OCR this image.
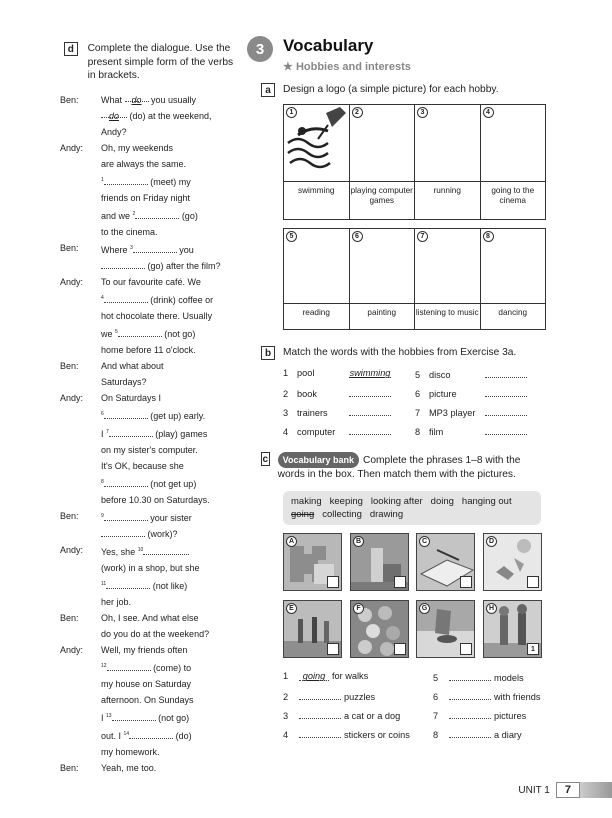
d	Complete the dialogue. Use the present simple form of the verbs in brackets.
Ben:	What do you usually
do (do) at the weekend,
Andy?
Andy:	Oh, my weekends
are always the same.
$^1$	(meet) my
friends on Friday night
and we $^2$	(go)
to the cinema.
Ben:	Where $^3$	you
(go) after the film?
Andy:	To our favourite café. We
$^4$	(drink) coffee or
hot chocolate there. Usually
we $^5$	(not go)
home before 11 o'clock.
Ben:	And what about
Saturdays?
Andy:	On Saturdays I
$^6$	(get up) early.
I $^7$	(play) games
on my sister's computer.
It's OK, because she
$^8$	(not get up)
before 10.30 on Saturdays.
Ben:	$^9$	your sister
(work)?
Andy:	Yes, she $^{10}$
(work) in a shop, but she
$^{11}$	(not like)
her job.
Ben:	Oh, I see. And what else
do you do at the weekend?
Andy:	Well, my friends often
$^{12}$	(come) to
my house on Saturday
afternoon. On Sundays
I $^{13}$	(not go)
out. I $^{14}$	(do)
my homework.
Ben:	Yeah, me too.
3	Vocabulary
★ Hobbies and interests
a	Design a logo (a simple picture) for each hobby.
1
swimming
2
playing computer games
3
running
4
going to the cinema
5
reading
6
painting
7
listening to music
8
dancing
b	Match the words with the hobbies from Exercise 3a.
1 pool	swimming
2 book
3 trainers
4 computer
5 disco
6 picture
7 MP3 player
8 film
c	Vocabulary bank Complete the phrases 1–8 with the words in the box. Then match them with the pictures.
making keeping looking after doing hanging out
going collecting drawing
A	B	C	D
E	F	G	H
1
1	going for walks
2	puzzles
3	a cat or a dog
4	stickers or coins
5	models
6	with friends
7	pictures
8	a diary
UNIT 1	7
